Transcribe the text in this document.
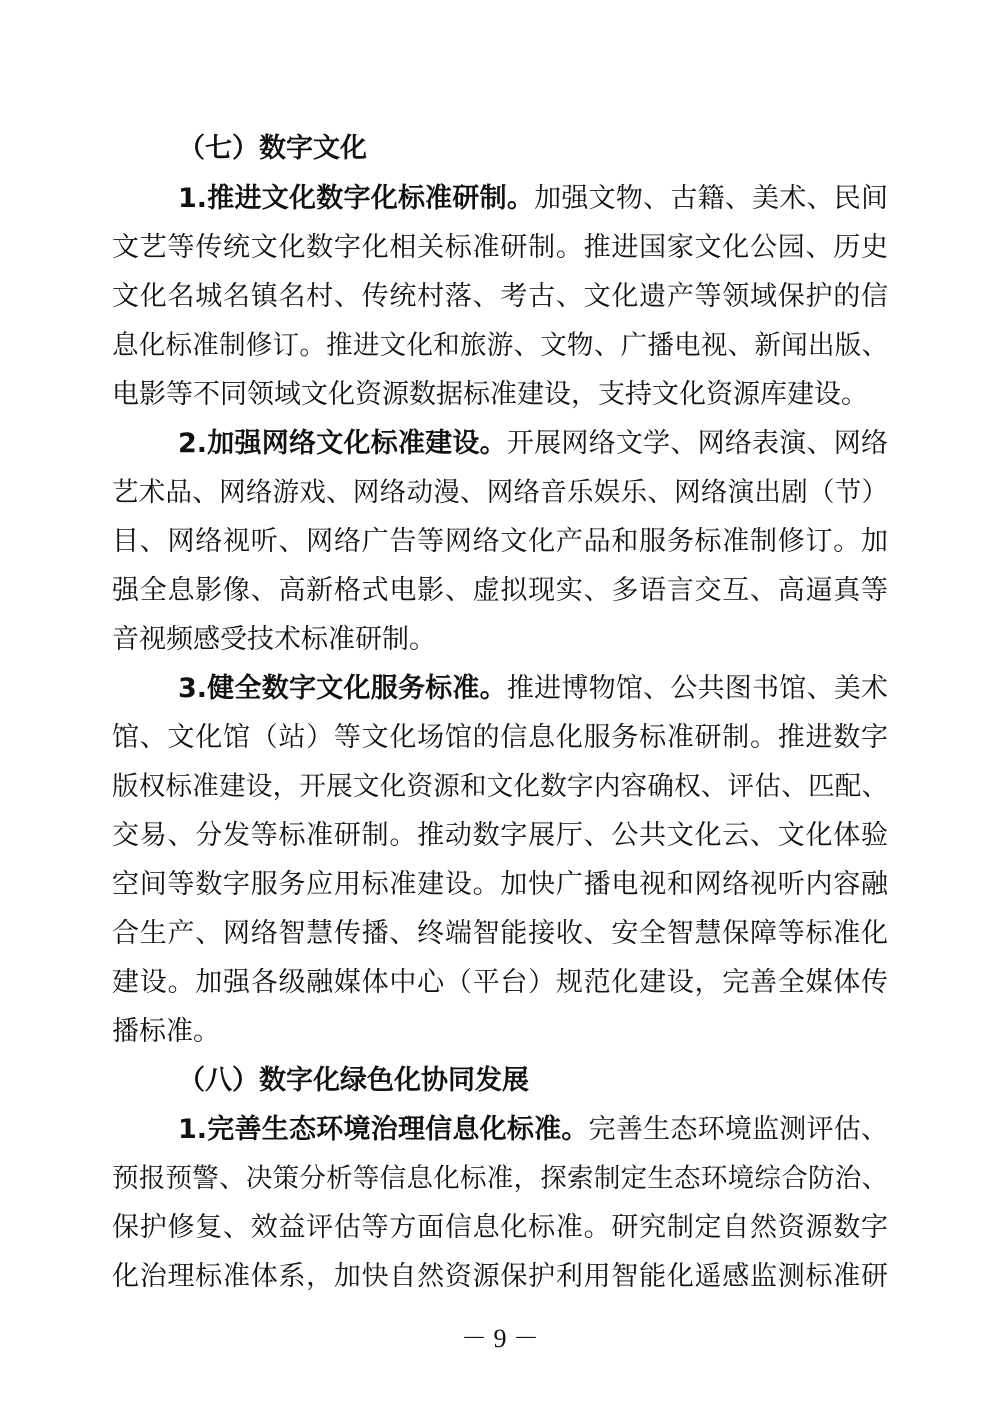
（七）数字文化
1.推进文化数字化标准研制。加强文物、古籍、美术、民间
文艺等传统文化数字化相关标准研制。推进国家文化公园、历史
文化名城名镇名村、传统村落、考古、文化遗产等领域保护的信
息化标准制修订。推进文化和旅游、文物、广播电视、新闻出版、
电影等不同领域文化资源数据标准建设，支持文化资源库建设。
2.加强网络文化标准建设。开展网络文学、网络表演、网络
艺术品、网络游戏、网络动漫、网络音乐娱乐、网络演出剧（节）
目、网络视听、网络广告等网络文化产品和服务标准制修订。加
强全息影像、高新格式电影、虚拟现实、多语言交互、高逼真等
音视频感受技术标准研制。
3.健全数字文化服务标准。推进博物馆、公共图书馆、美术
馆、文化馆（站）等文化场馆的信息化服务标准研制。推进数字
版权标准建设，开展文化资源和文化数字内容确权、评估、匹配、
交易、分发等标准研制。推动数字展厅、公共文化云、文化体验
空间等数字服务应用标准建设。加快广播电视和网络视听内容融
合生产、网络智慧传播、终端智能接收、安全智慧保障等标准化
建设。加强各级融媒体中心（平台）规范化建设，完善全媒体传
播标准。
（八）数字化绿色化协同发展
1.完善生态环境治理信息化标准。完善生态环境监测评估、
预报预警、决策分析等信息化标准，探索制定生态环境综合防治、
保护修复、效益评估等方面信息化标准。研究制定自然资源数字
化治理标准体系，加快自然资源保护利用智能化遥感监测标准研
－ 9 －
